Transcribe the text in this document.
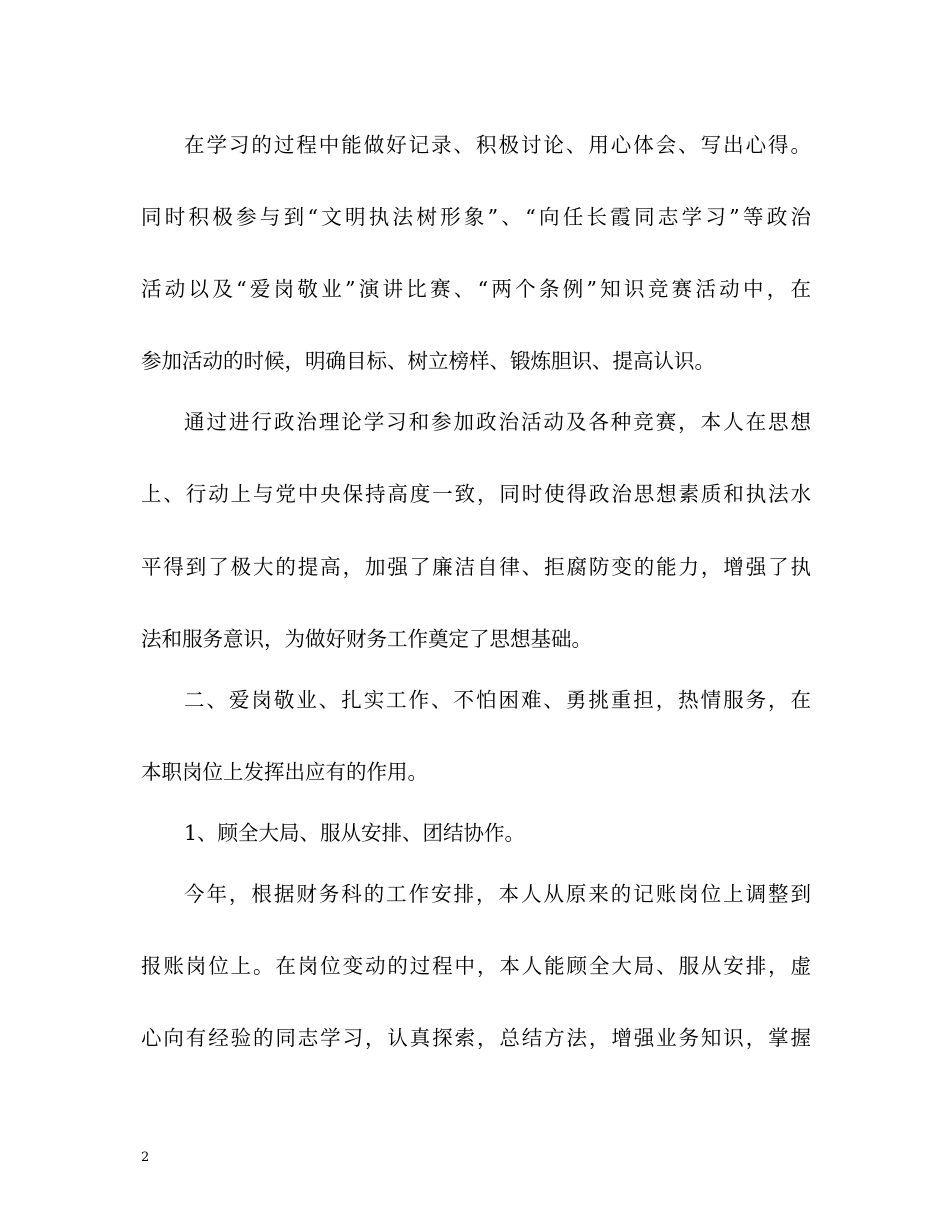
在学习的过程中能做好记录、积极讨论、用心体会、写出心得。
同时积极参与到“文明执法树形象”、“向任长霞同志学习”等政治
活动以及“爱岗敬业”演讲比赛、“两个条例”知识竞赛活动中，在
参加活动的时候，明确目标、树立榜样、锻炼胆识、提高认识。
通过进行政治理论学习和参加政治活动及各种竞赛，本人在思想
上、行动上与党中央保持高度一致，同时使得政治思想素质和执法水
平得到了极大的提高，加强了廉洁自律、拒腐防变的能力，增强了执
法和服务意识，为做好财务工作奠定了思想基础。
二、爱岗敬业、扎实工作、不怕困难、勇挑重担，热情服务，在
本职岗位上发挥出应有的作用。
1、顾全大局、服从安排、团结协作。
今年，根据财务科的工作安排，本人从原来的记账岗位上调整到
报账岗位上。在岗位变动的过程中，本人能顾全大局、服从安排，虚
心向有经验的同志学习，认真探索，总结方法，增强业务知识，掌握
2
